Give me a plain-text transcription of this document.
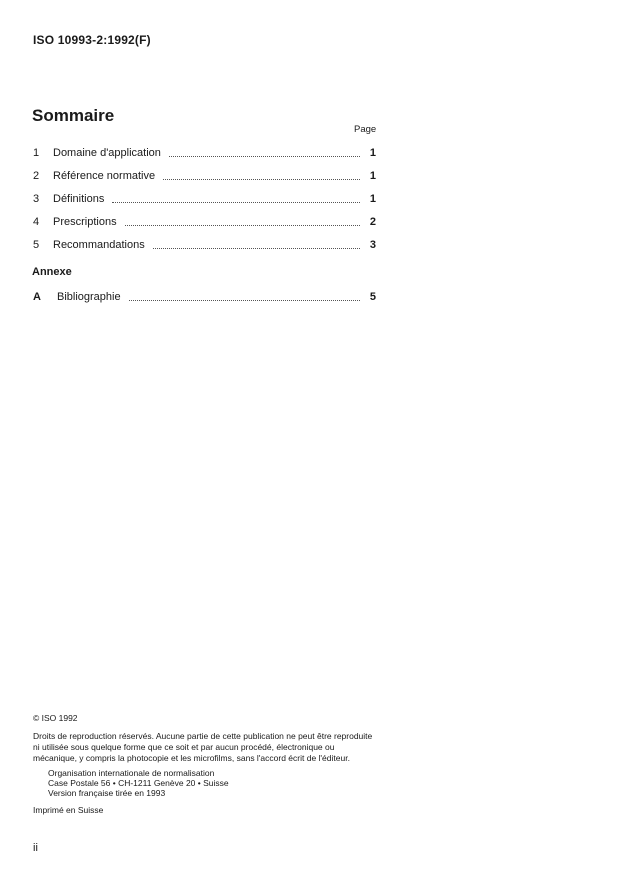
ISO 10993-2:1992(F)
Sommaire
Page
1	Domaine d'application	1
2	Référence normative	1
3	Définitions	1
4	Prescriptions	2
5	Recommandations	3
Annexe
A	Bibliographie	5
© ISO 1992
Droits de reproduction réservés. Aucune partie de cette publication ne peut être reproduite ni utilisée sous quelque forme que ce soit et par aucun procédé, électronique ou mécanique, y compris la photocopie et les microfilms, sans l'accord écrit de l'éditeur.
Organisation internationale de normalisation
Case Postale 56 • CH-1211 Genève 20 • Suisse
Version française tirée en 1993
Imprimé en Suisse
ii
